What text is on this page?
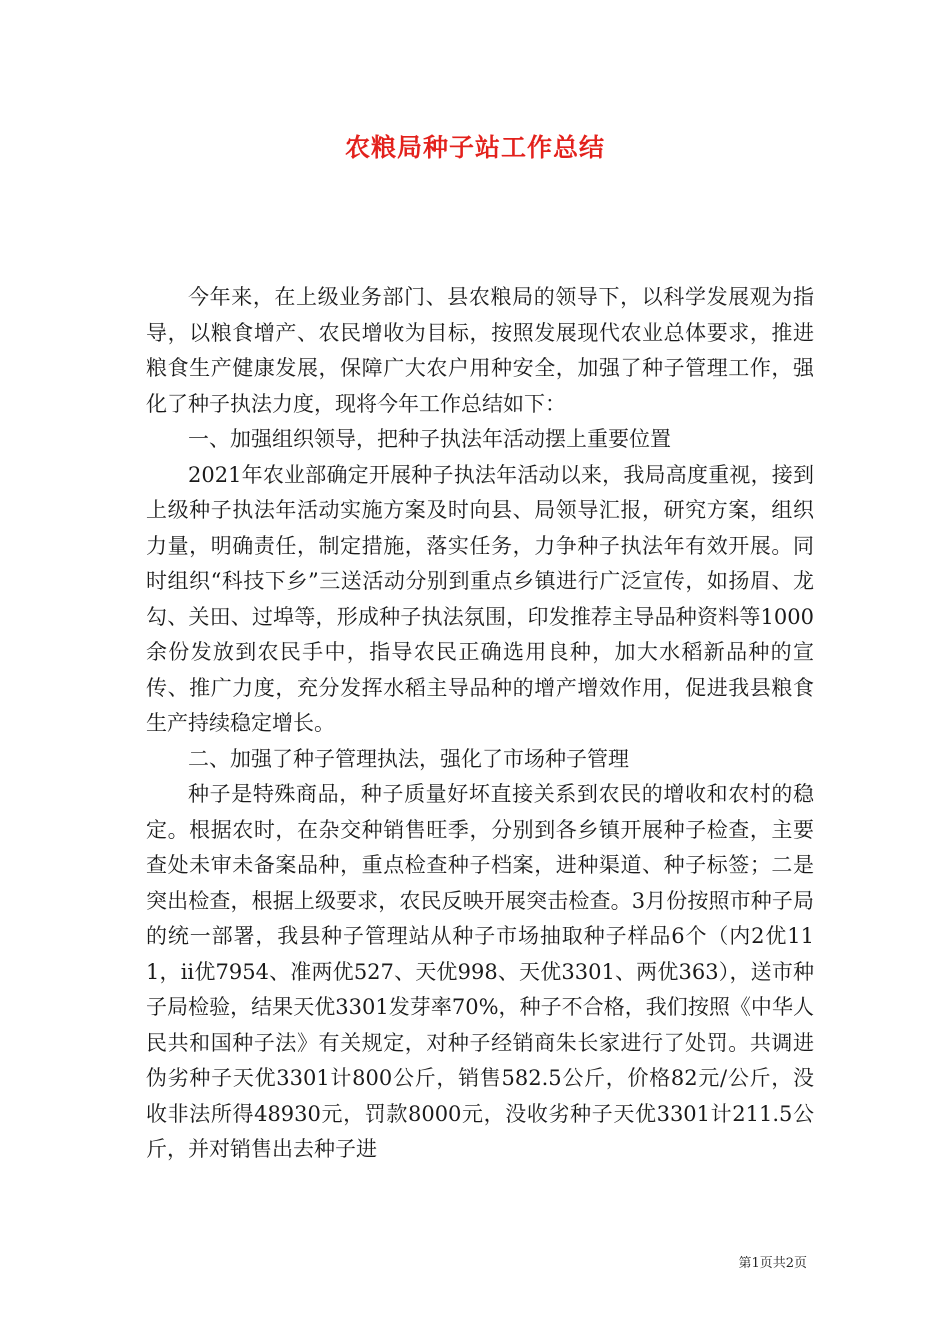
农粮局种子站工作总结

今年来，在上级业务部门、县农粮局的领导下，以科学发展观为指导，以粮食增产、农民增收为目标，按照发展现代农业总体要求，推进粮食生产健康发展，保障广大农户用种安全，加强了种子管理工作，强化了种子执法力度，现将今年工作总结如下：

一、加强组织领导，把种子执法年活动摆上重要位置

2021年农业部确定开展种子执法年活动以来，我局高度重视，接到上级种子执法年活动实施方案及时向县、局领导汇报，研究方案，组织力量，明确责任，制定措施，落实任务，力争种子执法年有效开展。同时组织“科技下乡”三送活动分别到重点乡镇进行广泛宣传，如扬眉、龙勾、关田、过埠等，形成种子执法氛围，印发推荐主导品种资料等1000余份发放到农民手中，指导农民正确选用良种，加大水稻新品种的宣传、推广力度，充分发挥水稻主导品种的增产增效作用，促进我县粮食生产持续稳定增长。

二、加强了种子管理执法，强化了市场种子管理

种子是特殊商品，种子质量好坏直接关系到农民的增收和农村的稳定。根据农时，在杂交种销售旺季，分别到各乡镇开展种子检查，主要查处未审未备案品种，重点检查种子档案，进种渠道、种子标签；二是突出检查，根据上级要求，农民反映开展突击检查。3月份按照市种子局的统一部署，我县种子管理站从种子市场抽取种子样品6个（内2优111，ii优7954、准两优527、天优998、天优3301、两优363），送市种子局检验，结果天优3301发芽率70%，种子不合格，我们按照《中华人民共和国种子法》有关规定，对种子经销商朱长家进行了处罚。共调进伪劣种子天优3301计800公斤，销售582.5公斤，价格82元/公斤，没收非法所得48930元，罚款8000元，没收劣种子天优3301计211.5公斤，并对销售出去种子进

第1页共2页
